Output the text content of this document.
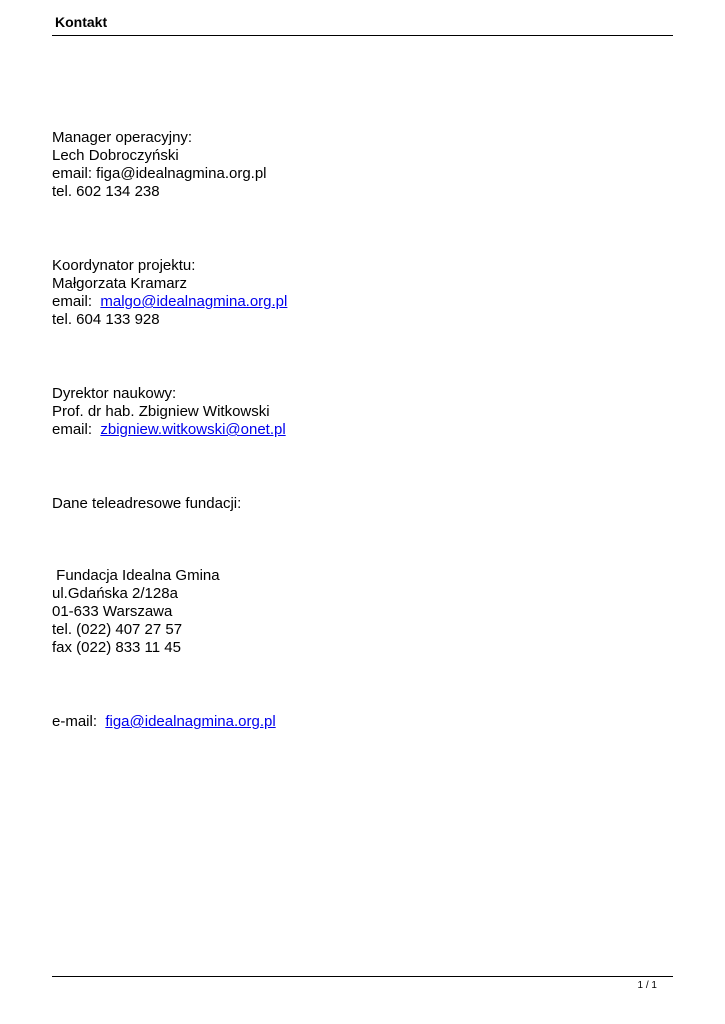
Kontakt
Manager operacyjny:
Lech Dobroczyński
email: figa@idealnagmina.org.pl
tel. 602 134 238
Koordynator projektu:
Małgorzata Kramarz
email:  malgo@idealnagmina.org.pl
tel. 604 133 928
Dyrektor naukowy:
Prof. dr hab. Zbigniew Witkowski
email:  zbigniew.witkowski@onet.pl
Dane teleadresowe fundacji:
Fundacja Idealna Gmina
ul.Gdańska 2/128a
01-633 Warszawa
tel. (022) 407 27 57
fax (022) 833 11 45
e-mail:  figa@idealnagmina.org.pl
1 / 1
